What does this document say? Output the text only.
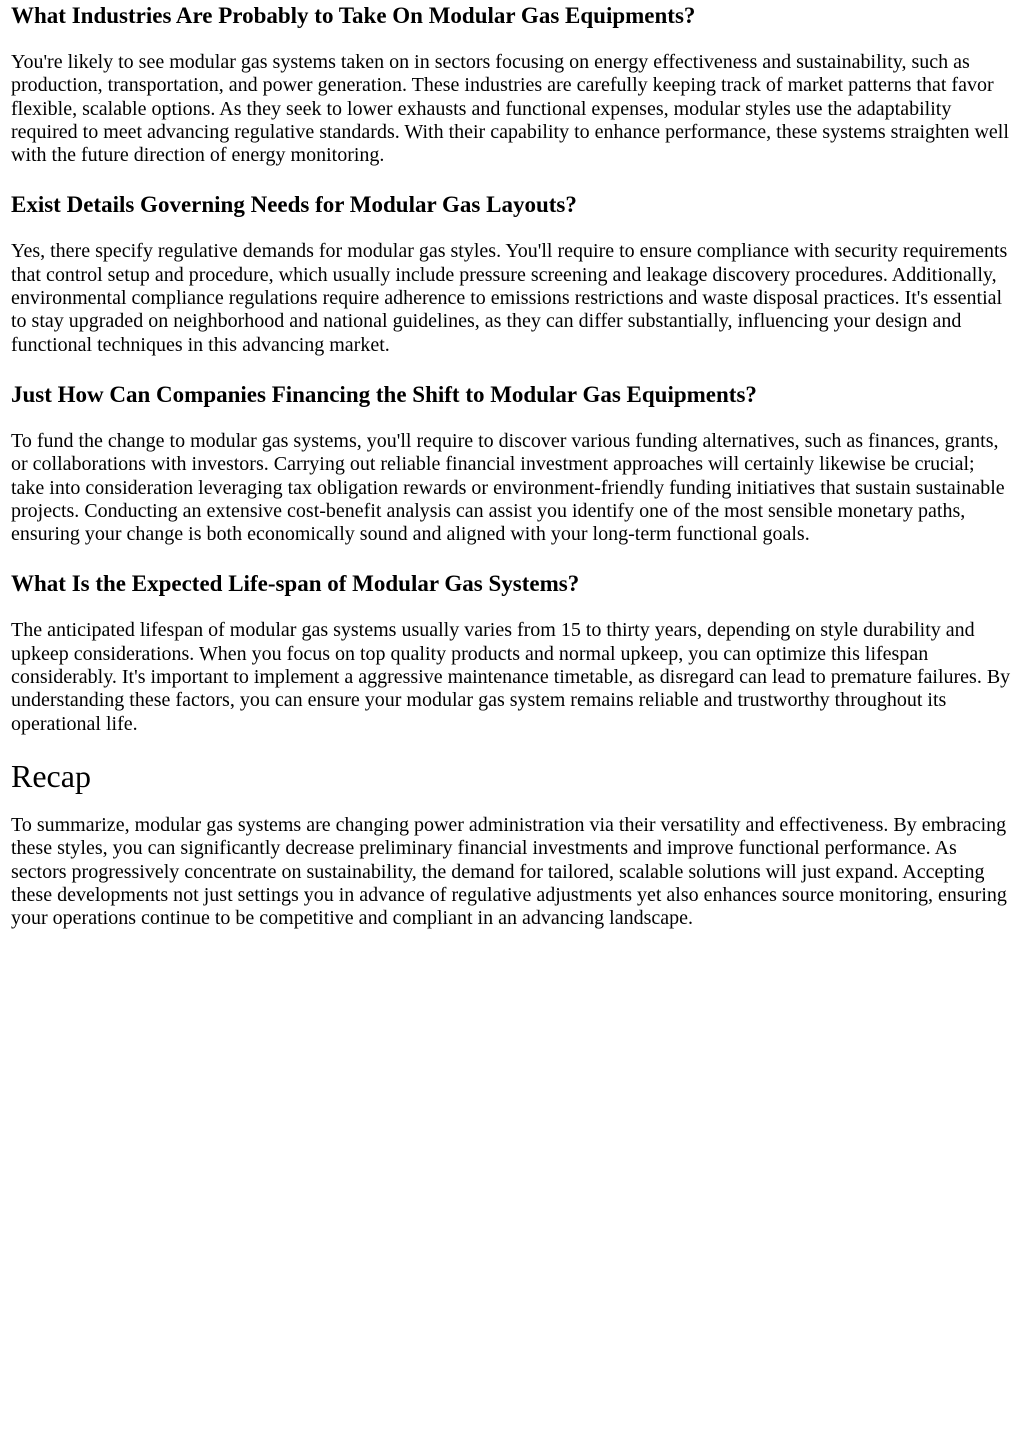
What Industries Are Probably to Take On Modular Gas Equipments?

You're likely to see modular gas systems taken on in sectors focusing on energy effectiveness and sustainability, such as production, transportation, and power generation. These industries are carefully keeping track of market patterns that favor flexible, scalable options. As they seek to lower exhausts and functional expenses, modular styles use the adaptability required to meet advancing regulative standards. With their capability to enhance performance, these systems straighten well with the future direction of energy monitoring.

Exist Details Governing Needs for Modular Gas Layouts?

Yes, there specify regulative demands for modular gas styles. You'll require to ensure compliance with security requirements that control setup and procedure, which usually include pressure screening and leakage discovery procedures. Additionally, environmental compliance regulations require adherence to emissions restrictions and waste disposal practices. It's essential to stay upgraded on neighborhood and national guidelines, as they can differ substantially, influencing your design and functional techniques in this advancing market.

Just How Can Companies Financing the Shift to Modular Gas Equipments?

To fund the change to modular gas systems, you'll require to discover various funding alternatives, such as finances, grants, or collaborations with investors. Carrying out reliable financial investment approaches will certainly likewise be crucial; take into consideration leveraging tax obligation rewards or environment-friendly funding initiatives that sustain sustainable projects. Conducting an extensive cost-benefit analysis can assist you identify one of the most sensible monetary paths, ensuring your change is both economically sound and aligned with your long-term functional goals.

What Is the Expected Life-span of Modular Gas Systems?

The anticipated lifespan of modular gas systems usually varies from 15 to thirty years, depending on style durability and upkeep considerations. When you focus on top quality products and normal upkeep, you can optimize this lifespan considerably. It's important to implement a aggressive maintenance timetable, as disregard can lead to premature failures. By understanding these factors, you can ensure your modular gas system remains reliable and trustworthy throughout its operational life.

Recap

To summarize, modular gas systems are changing power administration via their versatility and effectiveness. By embracing these styles, you can significantly decrease preliminary financial investments and improve functional performance. As sectors progressively concentrate on sustainability, the demand for tailored, scalable solutions will just expand. Accepting these developments not just settings you in advance of regulative adjustments yet also enhances source monitoring, ensuring your operations continue to be competitive and compliant in an advancing landscape.
